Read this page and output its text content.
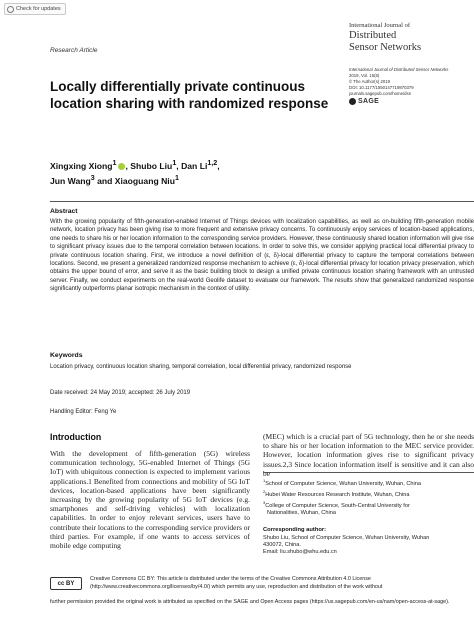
Check for updates
Research Article
International Journal of
Distributed
Sensor Networks
International Journal of Distributed Sensor Networks
2019, Vol. 15(8)
© The Author(s) 2019
DOI: 10.1177/1550147719870379
journals.sagepub.com/home/dsn
SAGE
Locally differentially private continuous location sharing with randomized response
Xingxing Xiong$^1$ , Shubo Liu$^1$, Dan Li$^{1,2}$,
Jun Wang$^3$ and Xiaoguang Niu$^1$
Abstract
With the growing popularity of fifth-generation-enabled Internet of Things devices with localization capabilities, as well as on-building fifth-generation mobile network, location privacy has been giving rise to more frequent and extensive privacy concerns. To continuously enjoy services of location-based applications, one needs to share his or her location information to the corresponding service providers. However, these continuously shared location information will give rise to significant privacy issues due to the temporal correlation between locations. In order to solve this, we consider applying practical local differential privacy to private continuous location sharing. First, we introduce a novel definition of (ε, δ)-local differential privacy to capture the temporal correlations between locations. Second, we present a generalized randomized response mechanism to achieve (ε, δ)-local differential privacy for location privacy preservation, which obtains the upper bound of error, and serve it as the basic building block to design a unified private continuous location sharing framework with an untrusted server. Finally, we conduct experiments on the real-world Geolife dataset to evaluate our framework. The results show that generalized randomized response significantly outperforms planar isotropic mechanism in the context of utility.
Keywords
Location privacy, continuous location sharing, temporal correlation, local differential privacy, randomized response
Date received: 24 May 2019; accepted: 26 July 2019
Handling Editor: Feng Ye
Introduction
With the development of fifth-generation (5G) wireless communication technology, 5G-enabled Internet of Things (5G IoT) with ubiquitous connection is expected to implement various applications.1 Benefited from connections and mobility of 5G IoT devices, location-based applications have been significantly increasing by the growing popularity of 5G IoT devices (e.g. smartphones and self-driving vehicles) with localization capabilities. In order to enjoy relevant services, users have to contribute their locations to the corresponding service providers or third parties. For example, if one wants to access services of mobile edge computing
(MEC) which is a crucial part of 5G technology, then he or she needs to share his or her location information to the MEC service provider. However, location information gives rise to significant privacy issues.2,3 Since location information itself is sensitive and it can also be

$^1$School of Computer Science, Wuhan University, Wuhan, China

$^2$Hubei Water Resources Research Institute, Wuhan, China

$^3$College of Computer Science, South-Central University for

Nationalities, Wuhan, China

Corresponding author:
Shubo Liu, School of Computer Science, Wuhan University, Wuhan
430072, China.
Email: liu.shubo@whu.edu.cn
cc BY
Creative Commons CC BY: This article is distributed under the terms of the Creative Commons Attribution 4.0 License (http://www.creativecommons.org/licenses/by/4.0/) which permits any use, reproduction and distribution of the work without
further permission provided the original work is attributed as specified on the SAGE and Open Access pages (https://us.sagepub.com/en-us/nam/open-access-at-sage).
